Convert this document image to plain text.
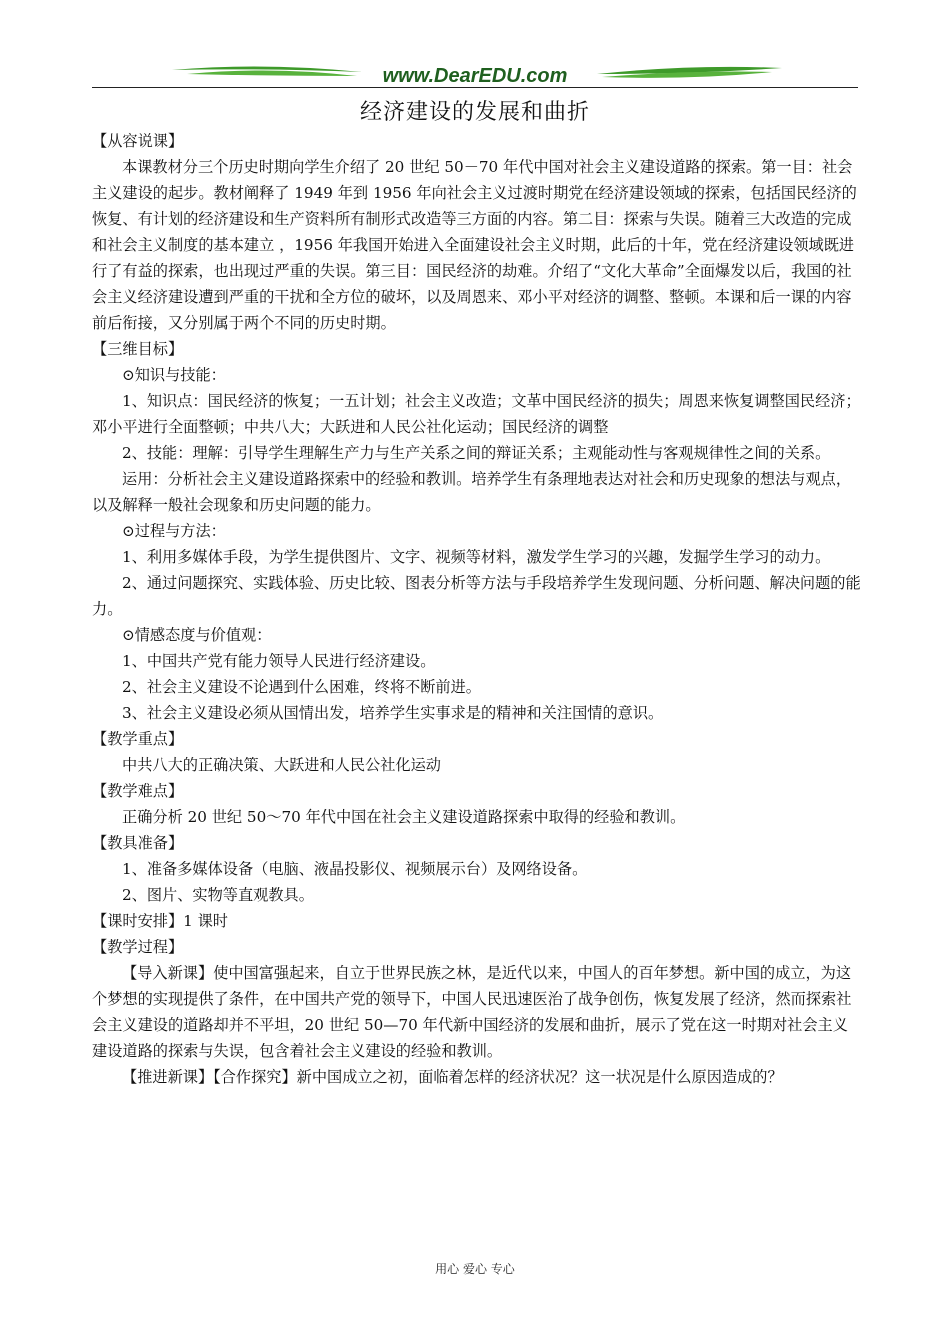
www.DearEDU.com
经济建设的发展和曲折

【从容说课】

本课教材分三个历史时期向学生介绍了 20 世纪 50－70 年代中国对社会主义建设道路的探索。第一目：社会主义建设的起步。教材阐释了 1949 年到 1956 年向社会主义过渡时期党在经济建设领域的探索，包括国民经济的恢复、有计划的经济建设和生产资料所有制形式改造等三方面的内容。第二目：探索与失误。随着三大改造的完成和社会主义制度的基本建立 ，1956 年我国开始进入全面建设社会主义时期，此后的十年，党在经济建设领域既进行了有益的探索，也出现过严重的失误。第三目：国民经济的劫难。介绍了“文化大革命”全面爆发以后，我国的社会主义经济建设遭到严重的干扰和全方位的破坏，以及周恩来、邓小平对经济的调整、整顿。本课和后一课的内容前后衔接，又分别属于两个不同的历史时期。

【三维目标】

⊙知识与技能：

1、知识点：国民经济的恢复；一五计划；社会主义改造；文革中国民经济的损失；周恩来恢复调整国民经济；邓小平进行全面整顿；中共八大；大跃进和人民公社化运动；国民经济的调整

2、技能：理解：引导学生理解生产力与生产关系之间的辩证关系；主观能动性与客观规律性之间的关系。

运用：分析社会主义建设道路探索中的经验和教训。培养学生有条理地表达对社会和历史现象的想法与观点，以及解释一般社会现象和历史问题的能力。

⊙过程与方法：

1、利用多媒体手段，为学生提供图片、文字、视频等材料，激发学生学习的兴趣，发掘学生学习的动力。

2、通过问题探究、实践体验、历史比较、图表分析等方法与手段培养学生发现问题、分析问题、解决问题的能力。

⊙情感态度与价值观：

1、中国共产党有能力领导人民进行经济建设。

2、社会主义建设不论遇到什么困难，终将不断前进。

3、社会主义建设必须从国情出发，培养学生实事求是的精神和关注国情的意识。

【教学重点】

中共八大的正确决策、大跃进和人民公社化运动

【教学难点】

正确分析 20 世纪 50～70 年代中国在社会主义建设道路探索中取得的经验和教训。

【教具准备】

1、准备多媒体设备（电脑、液晶投影仪、视频展示台）及网络设备。

2、图片、实物等直观教具。

【课时安排】1 课时

【教学过程】

【导入新课】使中国富强起来，自立于世界民族之林，是近代以来，中国人的百年梦想。新中国的成立，为这个梦想的实现提供了条件，在中国共产党的领导下，中国人民迅速医治了战争创伤，恢复发展了经济，然而探索社会主义建设的道路却并不平坦，20 世纪 50—70 年代新中国经济的发展和曲折，展示了党在这一时期对社会主义建设道路的探索与失误，包含着社会主义建设的经验和教训。

【推进新课】【合作探究】新中国成立之初，面临着怎样的经济状况？这一状况是什么原因造成的？

用心 爱心 专心
